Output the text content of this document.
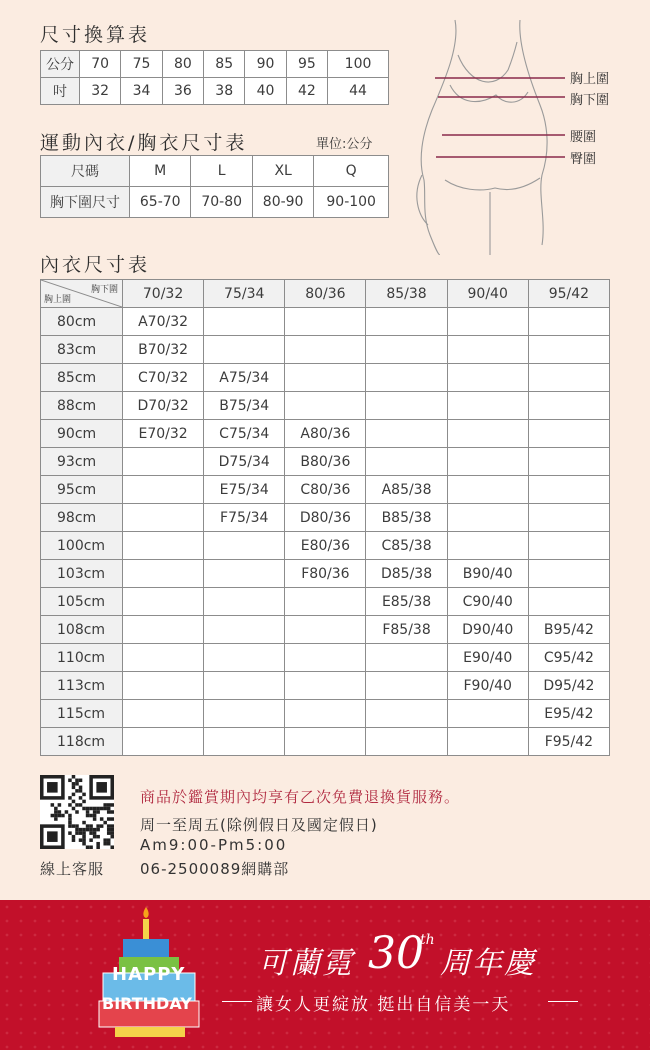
尺寸換算表
公分	70	75	80	85	90	95	100
吋	32	34	36	38	40	42	44
運動內衣/胸衣尺寸表	單位:公分
尺碼	M	L	XL	Q
胸下圍尺寸	65-70	70-80	80-90	90-100
胸上圍
胸下圍
腰圍
臀圍
內衣尺寸表
胸下圍
胸上圍	70/32	75/34	80/36	85/38	90/40	95/42
80cm	A70/32					
83cm	B70/32					
85cm	C70/32	A75/34				
88cm	D70/32	B75/34				
90cm	E70/32	C75/34	A80/36			
93cm		D75/34	B80/36			
95cm		E75/34	C80/36	A85/38		
98cm		F75/34	D80/36	B85/38		
100cm			E80/36	C85/38		
103cm			F80/36	D85/38	B90/40	
105cm				E85/38	C90/40	
108cm				F85/38	D90/40	B95/42
110cm					E90/40	C95/42
113cm					F90/40	D95/42
115cm						E95/42
118cm						F95/42
商品於鑑賞期內均享有乙次免費退換貨服務。
周一至周五(除例假日及國定假日)
Am9:00-Pm5:00
線上客服 06-2500089網購部
HAPPY
BIRTHDAY
可蘭霓 30
th
周年慶
讓女人更綻放 挺出自信美一天
